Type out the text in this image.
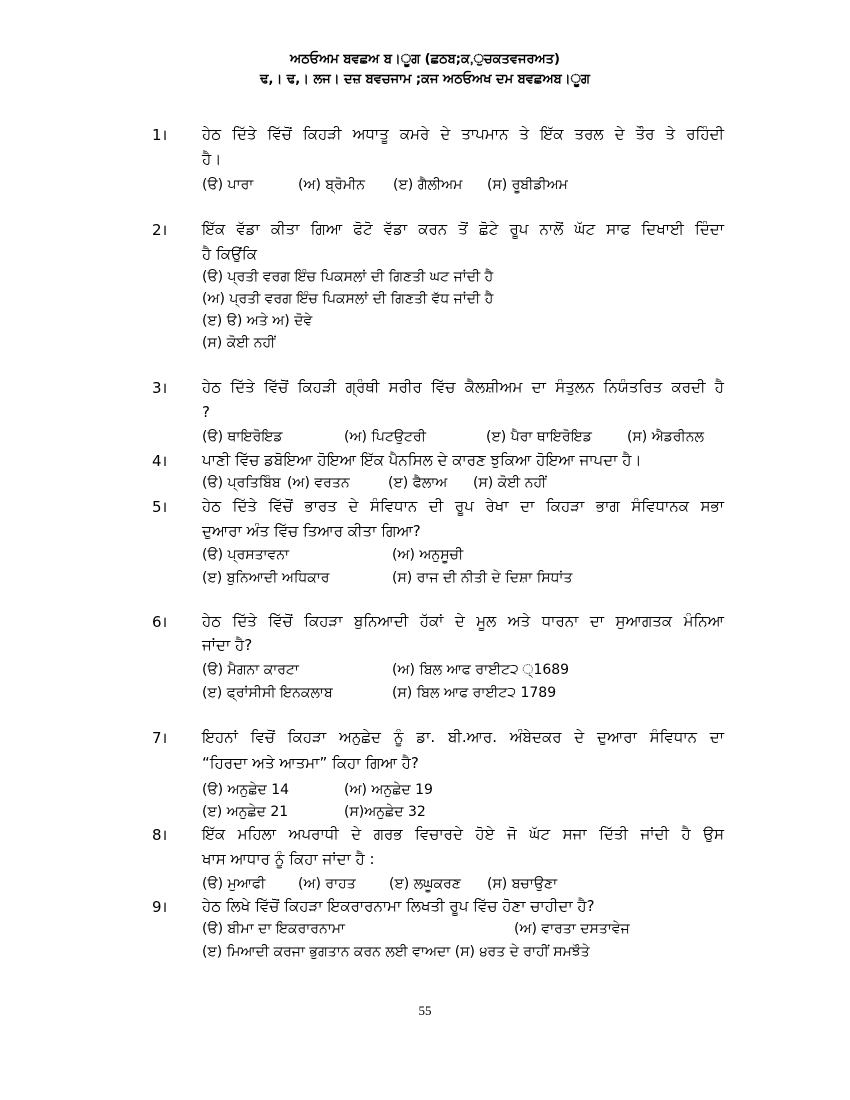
ਅਠਓਅਮ ਬਵਛਅ ਬ।ੂਗ (ਛਠਬ;ਕ,ੁਚਕਤਵਜਰਅਤ)
ਢ,। ਢ,। ਲਜ। ਦਜ਼ ਬਵਚਜਾਮ ;ਕਜ ਅਠਓਅਖ ਦਮ ਬਵਛਅਬ।ੂਗ
1। ਹੇਠ ਦਿੱਤੇ ਵਿੱਚੋਂ ਕਿਹੜੀ ਅਧਾਤੂ ਕਮਰੇ ਦੇ ਤਾਪਮਾਨ ਤੇ ਇੱਕ ਤਰਲ ਦੇ ਤੌਰ ਤੇ ਰਹਿੰਦੀ
ਹੈ।
(ੳ) ਪਾਰਾ	(ਅ) ਬ੍ਰੋਮੀਨ (ੲ) ਗੈਲੀਅਮ (ਸ) ਰੂਬੀਡੀਅਮ
2। ਇੱਕ ਵੱਡਾ ਕੀਤਾ ਗਿਆ ਫੋਟੋ ਵੱਡਾ ਕਰਨ ਤੋਂ ਛੋਟੇ ਰੂਪ ਨਾਲੋਂ ਘੱਟ ਸਾਫ ਦਿਖਾਈ ਦਿੰਦਾ
ਹੈ ਕਿਉਂਕਿ
(ੳ) ਪ੍ਰਤੀ ਵਰਗ ਇੰਚ ਪਿਕਸਲਾਂ ਦੀ ਗਿਣਤੀ ਘਟ ਜਾਂਦੀ ਹੈ
(ਅ) ਪ੍ਰਤੀ ਵਰਗ ਇੰਚ ਪਿਕਸਲਾਂ ਦੀ ਗਿਣਤੀ ਵੱਧ ਜਾਂਦੀ ਹੈ
(ੲ) ੳ) ਅਤੇ ਅ) ਦੋਵੇ
(ਸ) ਕੋਈ ਨਹੀਂ
3। ਹੇਠ ਦਿੱਤੇ ਵਿੱਚੋਂ ਕਿਹੜੀ ਗ੍ਰੰਥੀ ਸਰੀਰ ਵਿੱਚ ਕੈਲਸ਼ੀਅਮ ਦਾ ਸੰਤੁਲਨ ਨਿਯੰਤਰਿਤ ਕਰਦੀ ਹੈ
?
(ੳ) ਥਾਇਰੋਇਡ	(ਅ) ਪਿਟਉਟਰੀ	(ੲ) ਪੈਰਾ ਥਾਇਰੋਇਡ	(ਸ) ਐਡਰੀਨਲ
4। ਪਾਣੀ ਵਿੱਚ ਡਬੋਇਆ ਹੋਇਆ ਇੱਕ ਪੈਨਸਿਲ ਦੇ ਕਾਰਣ ਝੁਕਿਆ ਹੋਇਆ ਜਾਪਦਾ ਹੈ।
(ੳ) ਪ੍ਰਤਿਬਿੰਬ (ਅ) ਵਰਤਨ	(ੲ) ਫੈਲਾਅ (ਸ) ਕੋਈ ਨਹੀਂ
5। ਹੇਠ ਦਿੱਤੇ ਵਿੱਚੋਂ ਭਾਰਤ ਦੇ ਸੰਵਿਧਾਨ ਦੀ ਰੂਪ ਰੇਖਾ ਦਾ ਕਿਹੜਾ ਭਾਗ ਸੰਵਿਧਾਨਕ ਸਭਾ
ਦੁਆਰਾ ਅੰਤ ਵਿੱਚ ਤਿਆਰ ਕੀਤਾ ਗਿਆ?
(ੳ) ਪ੍ਰਸਤਾਵਨਾ	(ਅ) ਅਨੁਸੂਚੀ
(ੲ) ਬੁਨਿਆਦੀ ਅਧਿਕਾਰ	(ਸ) ਰਾਜ ਦੀ ਨੀਤੀ ਦੇ ਦਿਸ਼ਾ ਸਿਧਾਂਤ
6। ਹੇਠ ਦਿੱਤੇ ਵਿੱਚੋਂ ਕਿਹੜਾ ਬੁਨਿਆਦੀ ਹੱਕਾਂ ਦੇ ਮੂਲ ਅਤੇ ਧਾਰਨਾ ਦਾ ਸੁਆਗਤਕ ਮੰਨਿਆ
ਜਾਂਦਾ ਹੈ?
(ੳ) ਮੈਗਨਾ ਕਾਰਟਾ	(ਅ) ਬਿਲ ਆਫ ਰਾਈਟ੨ ੍1689
(ੲ) ਫ੍ਰਾਂਸੀਸੀ ਇਨਕਲਾਬ	(ਸ) ਬਿਲ ਆਫ ਰਾਈਟ੨ 1789
7। ਇਹਨਾਂ ਵਿਚੋਂ ਕਿਹੜਾ ਅਨੁਛੇਦ ਨੂੰ ਡਾ. ਬੀ.ਆਰ. ਅੰਬੇਦਕਰ ਦੇ ਦੁਆਰਾ ਸੰਵਿਧਾਨ ਦਾ
“ਹਿਰਦਾ ਅਤੇ ਆਤਮਾ” ਕਿਹਾ ਗਿਆ ਹੈ?
(ੳ) ਅਨੁਛੇਦ 14	(ਅ) ਅਨੁਛੇਦ 19
(ੲ) ਅਨੁਛੇਦ 21	(ਸ)ਅਨੁਛੇਦ 32
8। ਇੱਕ ਮਹਿਲਾ ਅਪਰਾਧੀ ਦੇ ਗਰਭ ਵਿਚਾਰਦੇ ਹੋਏ ਜੋ ਘੱਟ ਸਜਾ ਦਿੱਤੀ ਜਾਂਦੀ ਹੈ ਉਸ
ਖਾਸ ਆਧਾਰ ਨੂੰ ਕਿਹਾ ਜਾਂਦਾ ਹੈ :
(ੳ) ਮੁਆਫੀ (ਅ) ਰਾਹਤ (ੲ) ਲਘੂਕਰਣ (ਸ) ਬਚਾਉਣਾ
9। ਹੇਠ ਲਿਖੇ ਵਿੱਚੋਂ ਕਿਹੜਾ ਇਕਰਾਰਨਾਮਾ ਲਿਖਤੀ ਰੂਪ ਵਿੱਚ ਹੋਣਾ ਚਾਹੀਦਾ ਹੈ?
(ੳ) ਬੀਮਾ ਦਾ ਇਕਰਾਰਨਾਮਾ	(ਅ) ਵਾਰਤਾ ਦਸਤਾਵੇਜ
(ੲ) ਮਿਆਦੀ ਕਰਜਾ ਭੁਗਤਾਨ ਕਰਨ ਲਈ ਵਾਅਦਾ (ਸ) ੪ਰਤ ਦੇ ਰਾਹੀਂ ਸਮਝੌਤੇ
55
